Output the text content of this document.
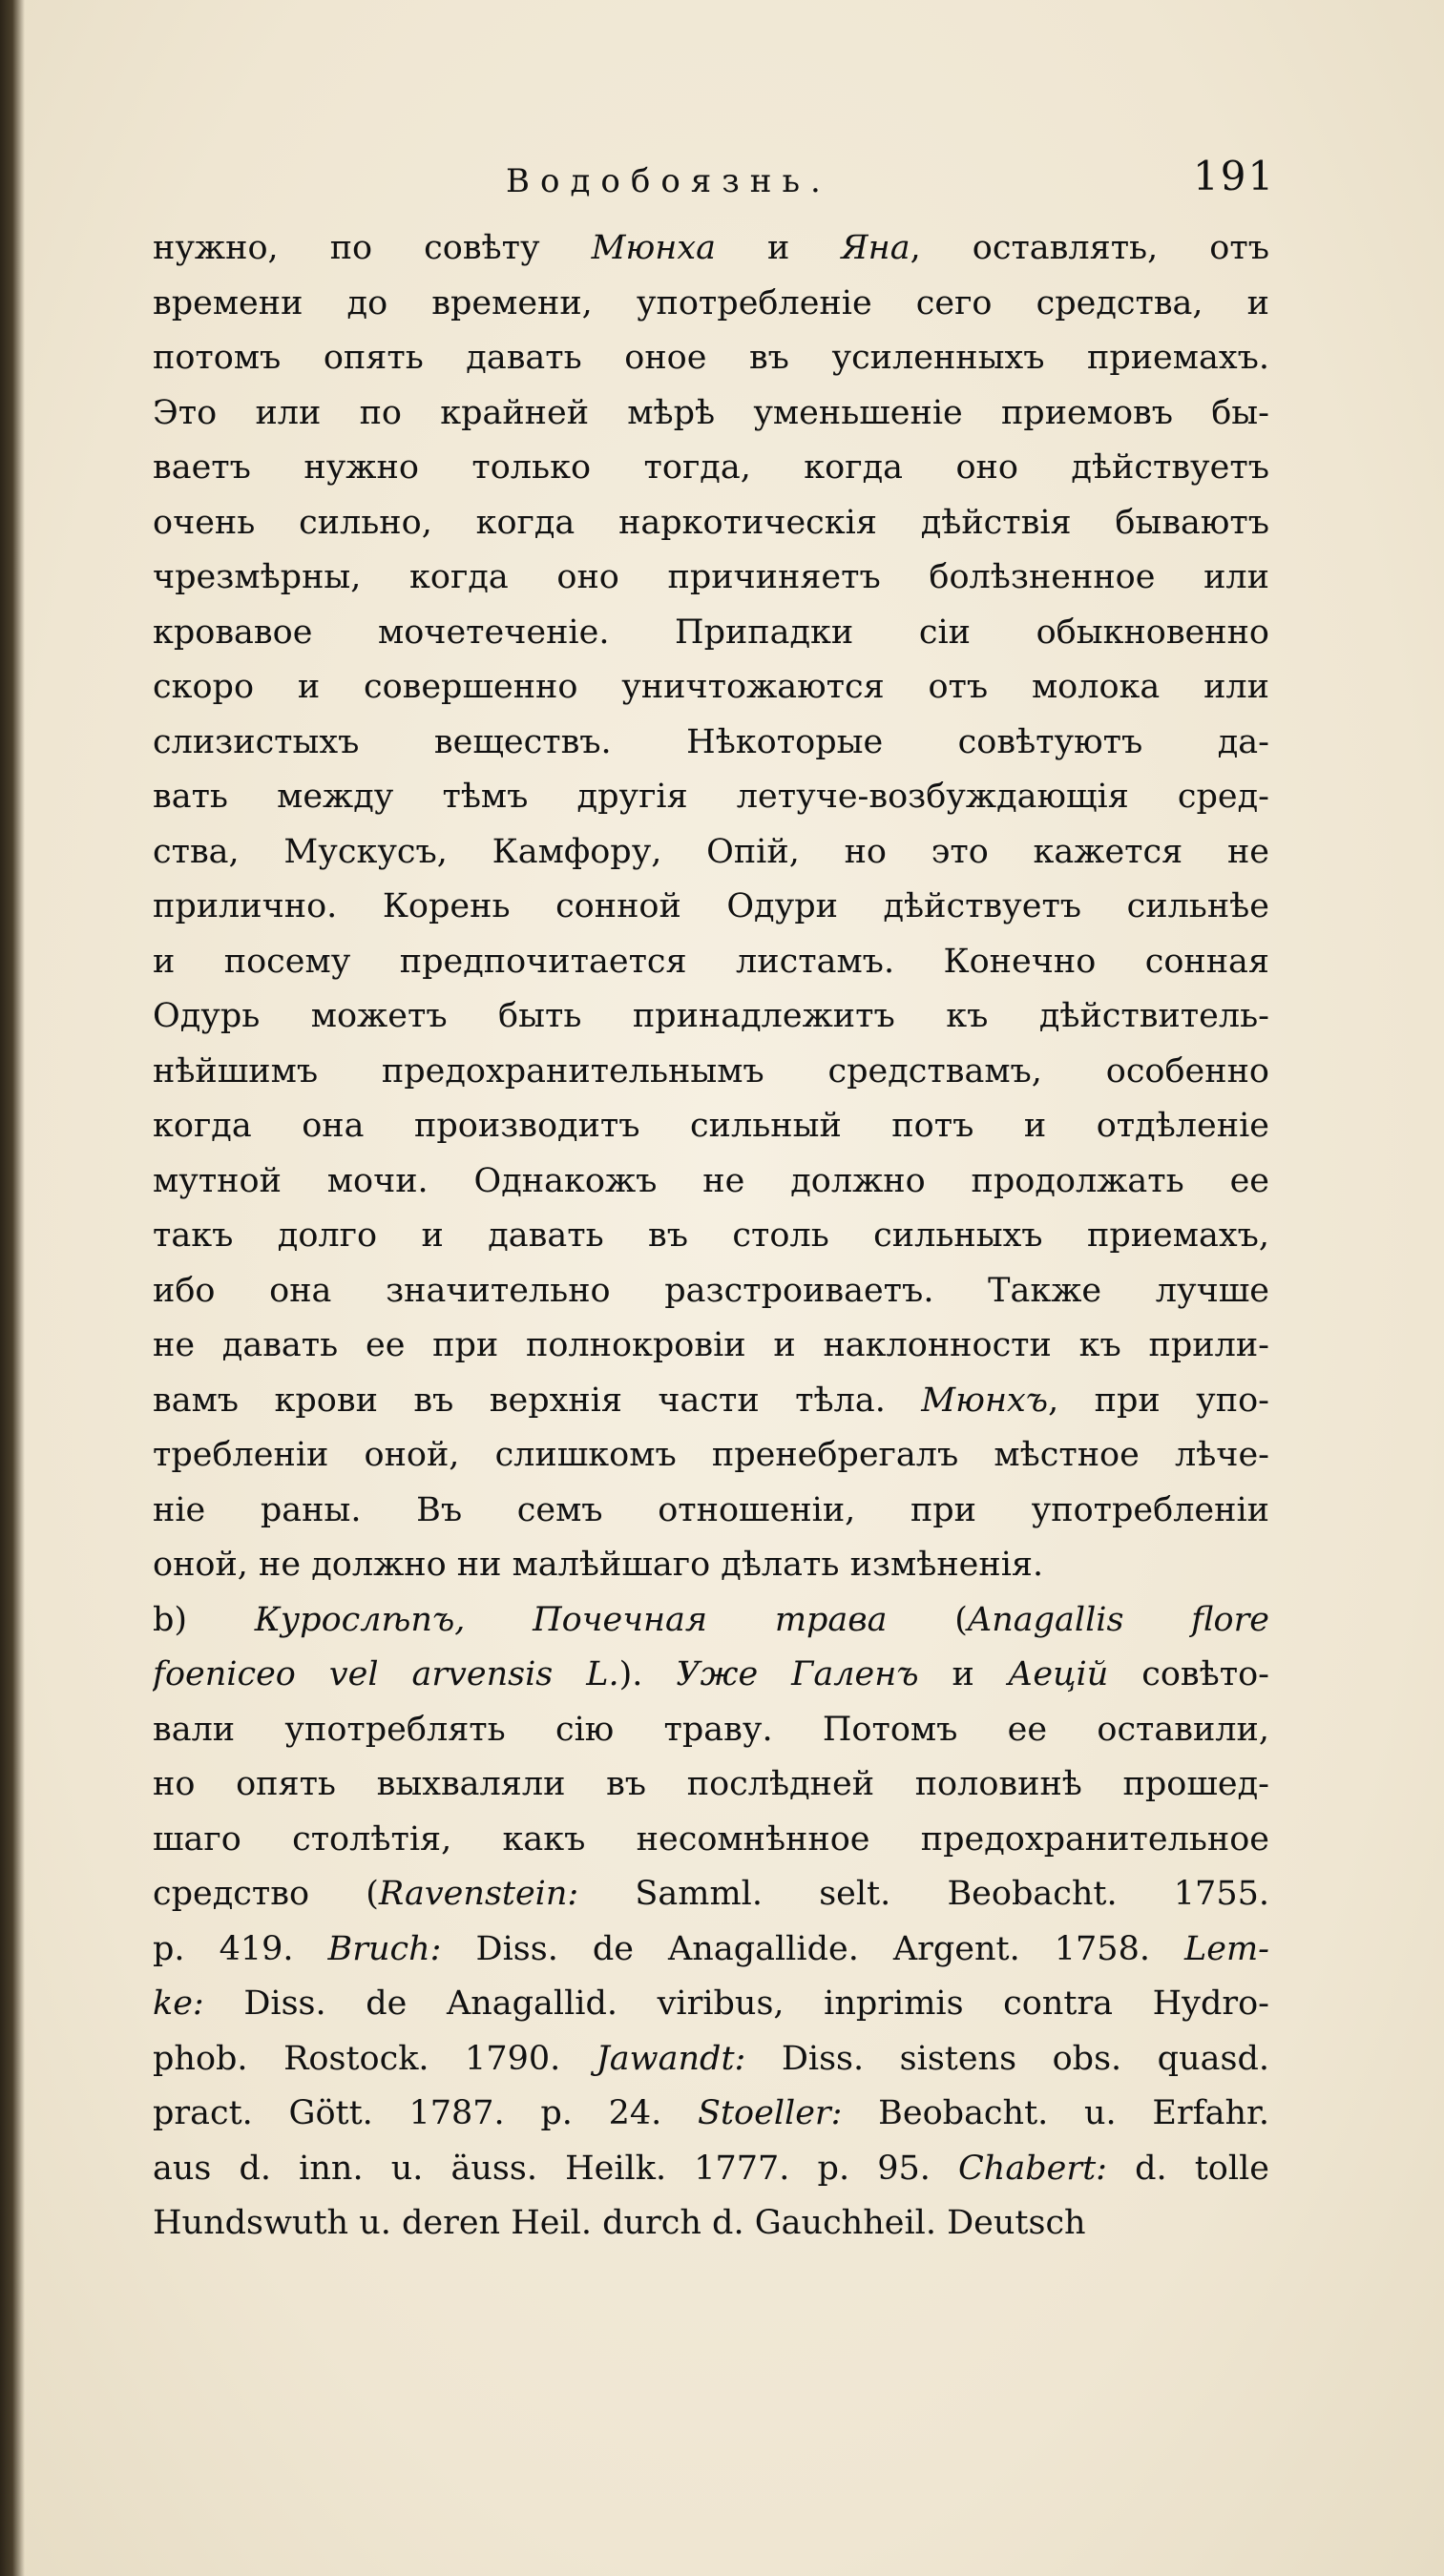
Водобоязнь.	191
нужно, по совѣту Мюнха и Яна, оставлять, отъ
времени до времени, употребленіе сего средства, и
потомъ опять давать оное въ усиленныхъ приемахъ.
Это или по крайней мѣрѣ уменьшеніе приемовъ бы-
ваетъ нужно только тогда, когда оно дѣйствуетъ
очень сильно, когда наркотическія дѣйствія бываютъ
чрезмѣрны, когда оно причиняетъ болѣзненное или
кровавое мочетеченіе. Припадки сіи обыкновенно
скоро и совершенно уничтожаются отъ молока или
слизистыхъ веществъ. Нѣкоторые совѣтуютъ да-
вать между тѣмъ другія летуче-возбуждающія сред-
ства, Мускусъ, Камфору, Опій, но это кажется не
прилично. Корень сонной Одури дѣйствуетъ сильнѣе
и посему предпочитается листамъ. Конечно сонная
Одурь можетъ быть принадлежитъ къ дѣйствитель-
нѣйшимъ предохранительнымъ средствамъ, особенно
когда она производитъ сильный потъ и отдѣленіе
мутной мочи. Однакожъ не должно продолжать ее
такъ долго и давать въ столь сильныхъ приемахъ,
ибо она значительно разстроиваетъ. Также лучше
не давать ее при полнокровіи и наклонности къ прили-
вамъ крови въ верхнія части тѣла. Мюнхъ, при упо-
требленіи оной, слишкомъ пренебрегалъ мѣстное лѣче-
ніе раны. Въ семъ отношеніи, при употребленіи
оной, не должно ни малѣйшаго дѣлать измѣненія.
b) Курослѣпъ, Почечная трава (Anagallis flore
foeniceo vel arvensis L.). Уже Галенъ и Аецій совѣто-
вали употреблять сію траву. Потомъ ее оставили,
но опять выхваляли въ послѣдней половинѣ прошед-
шаго столѣтія, какъ несомнѣнное предохранительное
средство (Ravenstein: Samml. selt. Beobacht. 1755.
p. 419. Bruch: Diss. de Anagallide. Argent. 1758. Lem-
ke: Diss. de Anagallid. viribus, inprimis contra Hydro-
phob. Rostock. 1790. Jawandt: Diss. sistens obs. quasd.
pract. Gött. 1787. p. 24. Stoeller: Beobacht. u. Erfahr.
aus d. inn. u. äuss. Heilk. 1777. p. 95. Chabert: d. tolle
Hundswuth u. deren Heil. durch d. Gauchheil. Deutsch
